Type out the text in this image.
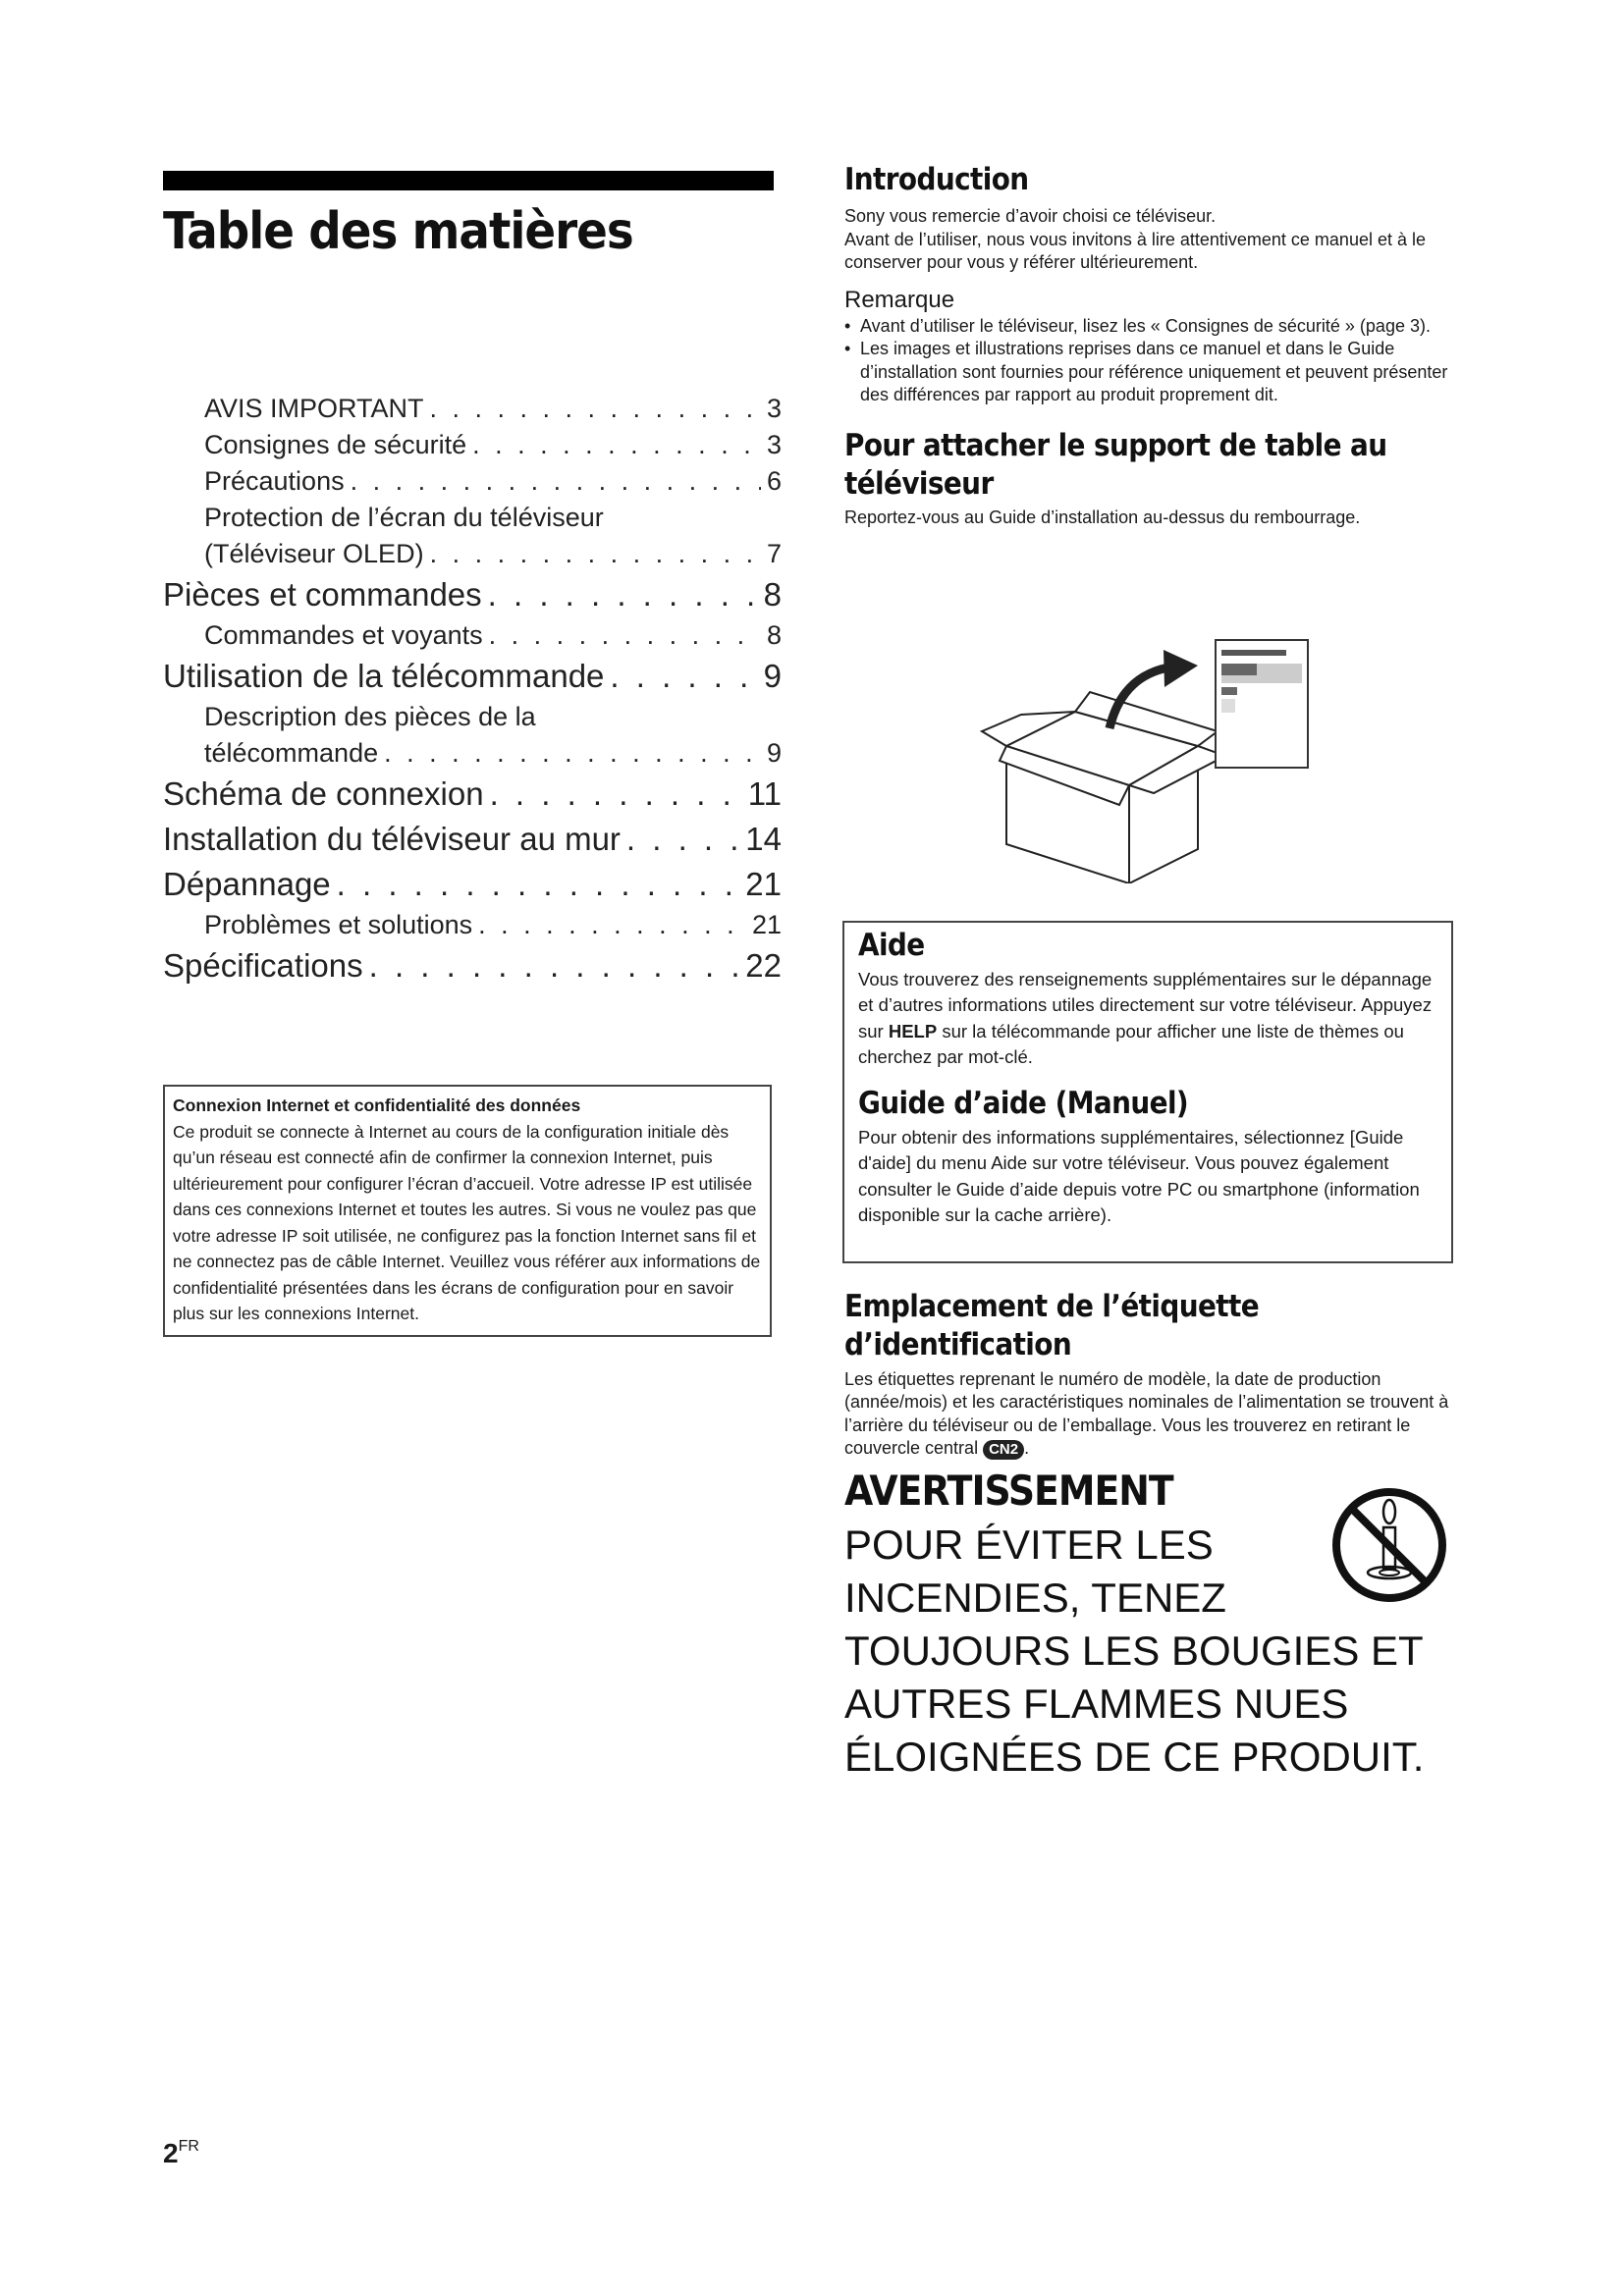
Table des matières
AVIS IMPORTANT . . .	3
Consignes de sécurité . . .	3
Précautions . . .	6
Protection de l’écran du téléviseur
(Téléviseur OLED) . . .	7
Pièces et commandes . . .	8
Commandes et voyants . . .	8
Utilisation de la télécommande . . .	9
Description des pièces de la
télécommande . . .	9
Schéma de connexion . . .	11
Installation du téléviseur au mur . . .	14
Dépannage . . .	21
Problèmes et solutions . . .	21
Spécifications . . .	22
Connexion Internet et confidentialité des données
Ce produit se connecte à Internet au cours de la configuration initiale dès qu’un réseau est connecté afin de confirmer la connexion Internet, puis ultérieurement pour configurer l’écran d’accueil. Votre adresse IP est utilisée dans ces connexions Internet et toutes les autres. Si vous ne voulez pas que votre adresse IP soit utilisée, ne configurez pas la fonction Internet sans fil et ne connectez pas de câble Internet. Veuillez vous référer aux informations de confidentialité présentées dans les écrans de configuration pour en savoir plus sur les connexions Internet.
$2^{FR}$
Introduction

Sony vous remercie d’avoir choisi ce téléviseur.

Avant de l’utiliser, nous vous invitons à lire attentivement ce manuel et à le conserver pour vous y référer ultérieurement.

Remarque
• Avant d’utiliser le téléviseur, lisez les « Consignes de sécurité » (page 3).
• Les images et illustrations reprises dans ce manuel et dans le Guide d’installation sont fournies pour référence uniquement et peuvent présenter des différences par rapport au produit proprement dit.
Pour attacher le support de table au téléviseur

Reportez-vous au Guide d’installation au-dessus du rembourrage.

Aide

Vous trouverez des renseignements supplémentaires sur le dépannage et d’autres informations utiles directement sur votre téléviseur. Appuyez sur HELP sur la télécommande pour afficher une liste de thèmes ou cherchez par mot-clé.

Guide d’aide (Manuel)

Pour obtenir des informations supplémentaires, sélectionnez [Guide d'aide] du menu Aide sur votre téléviseur. Vous pouvez également consulter le Guide d’aide depuis votre PC ou smartphone (information disponible sur la cache arrière).

Emplacement de l’étiquette d’identification

Les étiquettes reprenant le numéro de modèle, la date de production (année/mois) et les caractéristiques nominales de l’alimentation se trouvent à l’arrière du téléviseur ou de l’emballage. Vous les trouverez en retirant le couvercle central CN2 .

AVERTISSEMENT
POUR ÉVITER LES
INCENDIES, TENEZ
TOUJOURS LES BOUGIES ET
AUTRES FLAMMES NUES
ÉLOIGNÉES DE CE PRODUIT.
